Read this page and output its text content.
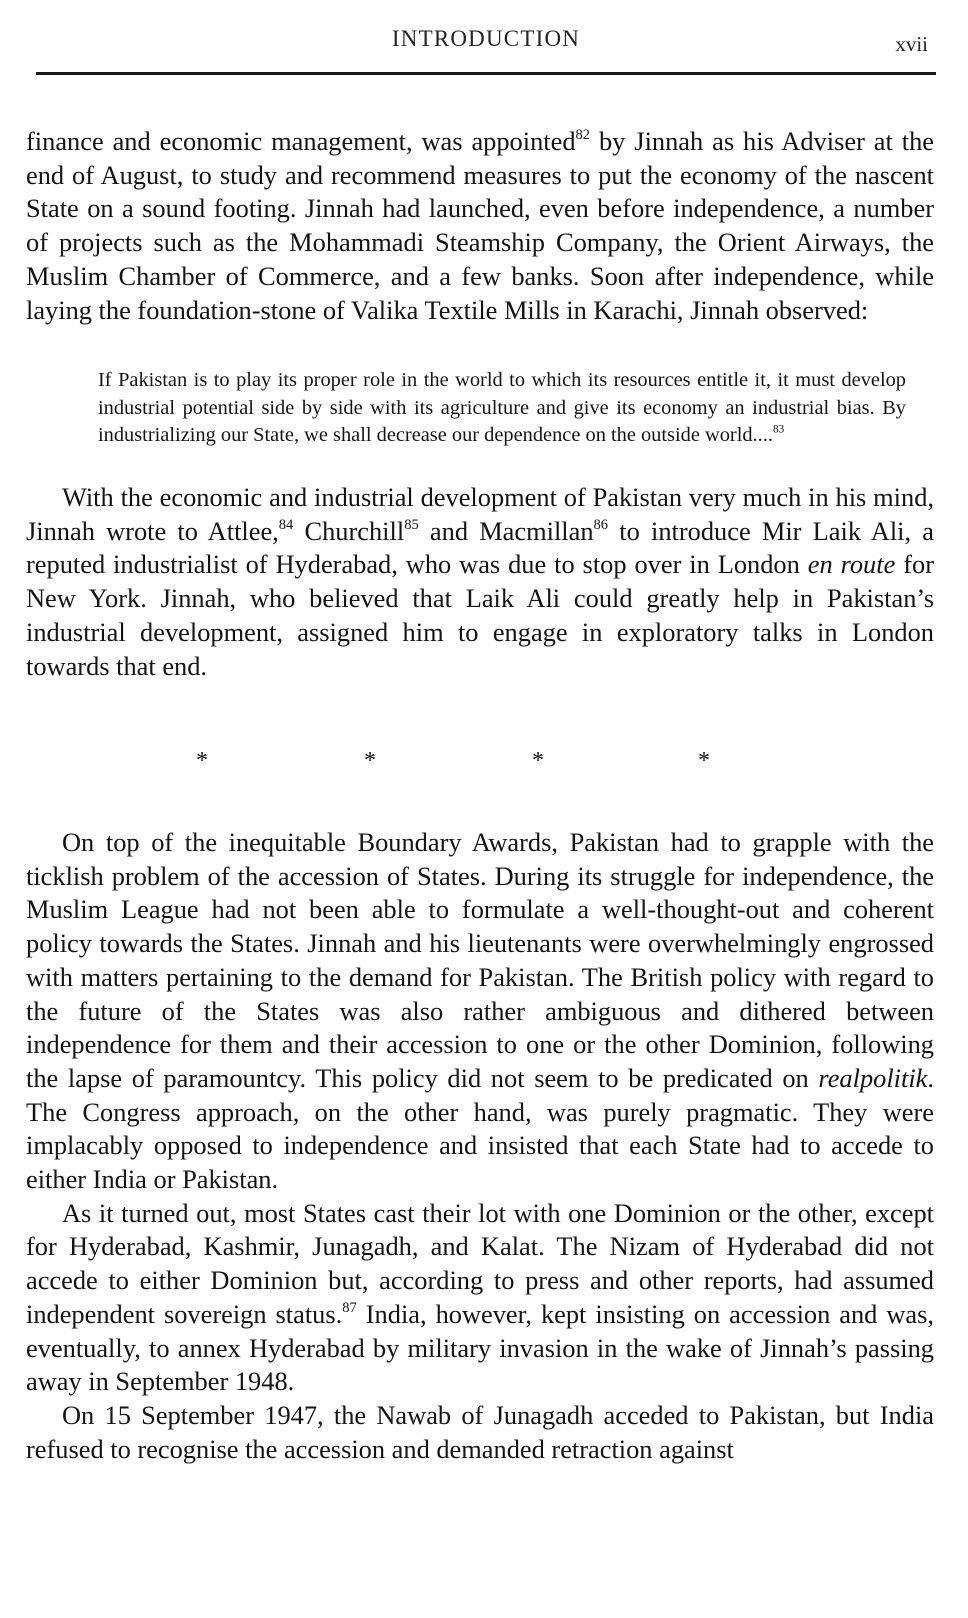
INTRODUCTION	xvii

finance and economic management, was appointed$^{82}$ by Jinnah as his Adviser at the end of August, to study and recommend measures to put the economy of the nascent State on a sound footing. Jinnah had launched, even before independence, a number of projects such as the Mohammadi Steamship Company, the Orient Airways, the Muslim Chamber of Commerce, and a few banks. Soon after independence, while laying the foundation-stone of Valika Textile Mills in Karachi, Jinnah observed:

If Pakistan is to play its proper role in the world to which its resources entitle it, it must develop industrial potential side by side with its agriculture and give its economy an industrial bias. By industrializing our State, we shall decrease our dependence on the outside world....$^{83}$

With the economic and industrial development of Pakistan very much in his mind, Jinnah wrote to Attlee,$^{84}$ Churchill$^{85}$ and Macmillan$^{86}$ to introduce Mir Laik Ali, a reputed industrialist of Hyderabad, who was due to stop over in London en route for New York. Jinnah, who believed that Laik Ali could greatly help in Pakistan’s industrial development, assigned him to engage in exploratory talks in London towards that end.

*	*	*	*

On top of the inequitable Boundary Awards, Pakistan had to grapple with the ticklish problem of the accession of States. During its struggle for independence, the Muslim League had not been able to formulate a well-thought-out and coherent policy towards the States. Jinnah and his lieutenants were overwhelmingly engrossed with matters pertaining to the demand for Pakistan. The British policy with regard to the future of the States was also rather ambiguous and dithered between independence for them and their accession to one or the other Dominion, following the lapse of paramountcy. This policy did not seem to be predicated on realpolitik. The Congress approach, on the other hand, was purely pragmatic. They were implacably opposed to independence and insisted that each State had to accede to either India or Pakistan.

As it turned out, most States cast their lot with one Dominion or the other, except for Hyderabad, Kashmir, Junagadh, and Kalat. The Nizam of Hyderabad did not accede to either Dominion but, according to press and other reports, had assumed independent sovereign status.$^{87}$ India, however, kept insisting on accession and was, eventually, to annex Hyderabad by military invasion in the wake of Jinnah’s passing away in September 1948.

On 15 September 1947, the Nawab of Junagadh acceded to Pakistan, but India refused to recognise the accession and demanded retraction against
